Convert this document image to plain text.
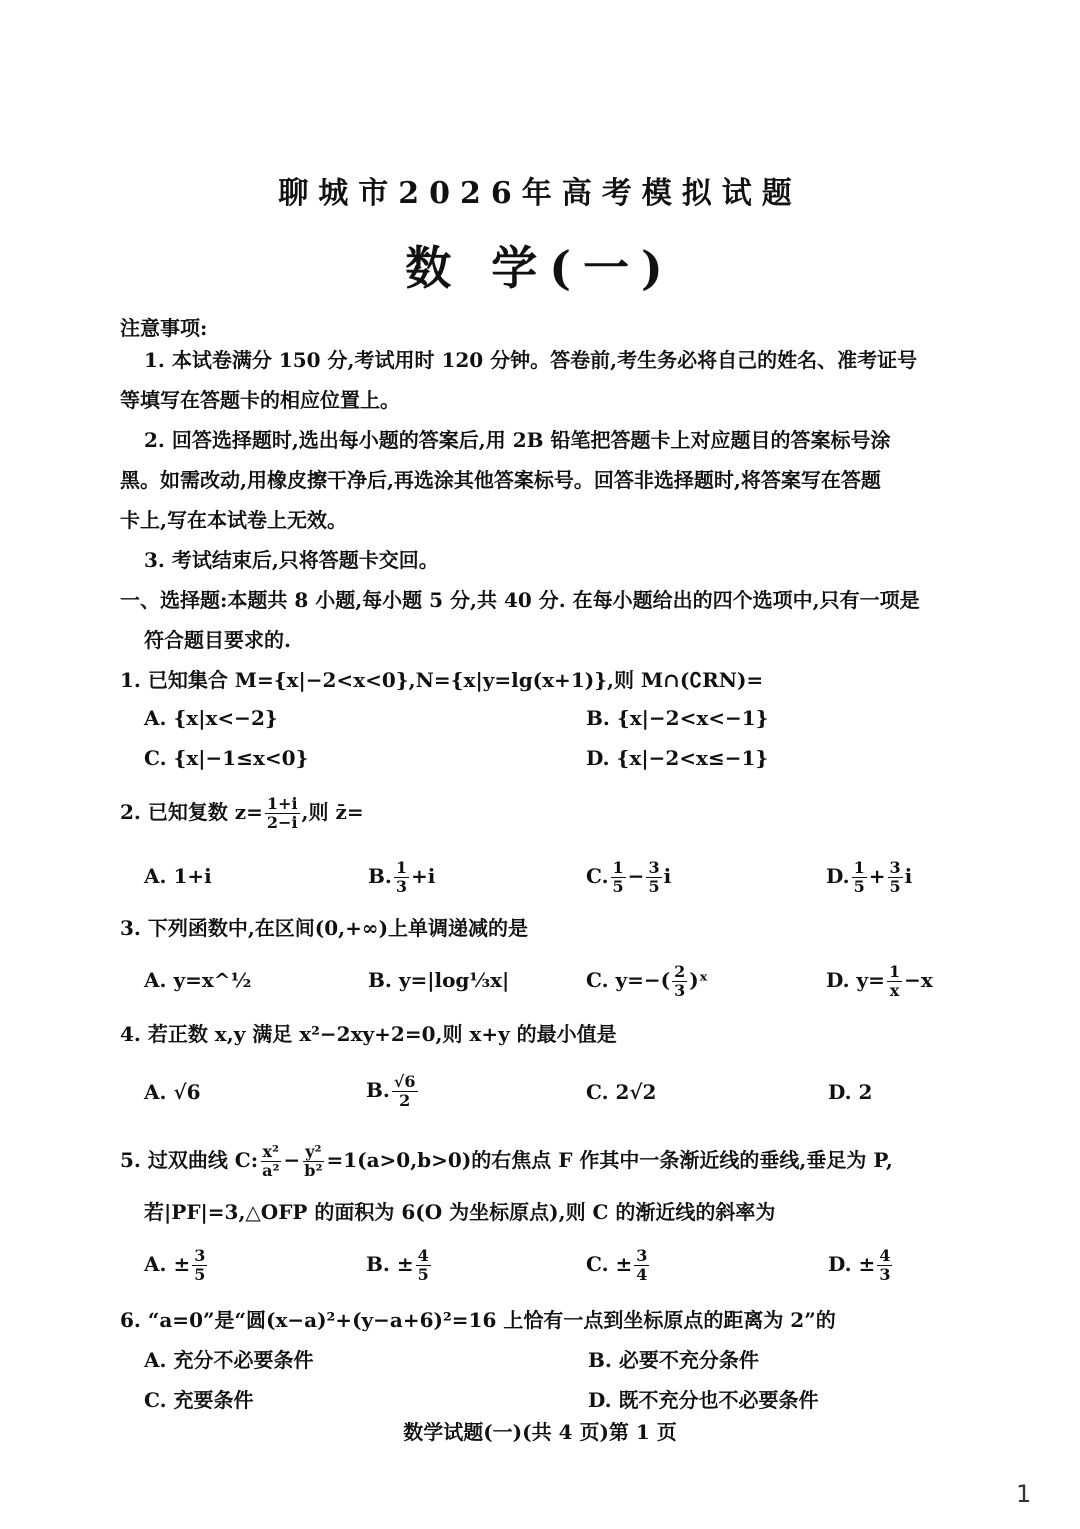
聊城市2026年高考模拟试题
数 学(一)
注意事项:
1. 本试卷满分 150 分,考试用时 120 分钟。答卷前,考生务必将自己的姓名、准考证号
等填写在答题卡的相应位置上。
2. 回答选择题时,选出每小题的答案后,用 2B 铅笔把答题卡上对应题目的答案标号涂
黑。如需改动,用橡皮擦干净后,再选涂其他答案标号。回答非选择题时,将答案写在答题
卡上,写在本试卷上无效。
3. 考试结束后,只将答题卡交回。
一、选择题:本题共 8 小题,每小题 5 分,共 40 分. 在每小题给出的四个选项中,只有一项是
符合题目要求的.
1. 已知集合 M={x|−2<x<0},N={x|y=lg(x+1)},则 M∩(∁RN)=
A. {x|x<−2}	B. {x|−2<x<−1}
C. {x|−1≤x<0}	D. {x|−2<x≤−1}
2. 已知复数 $z= \frac{1+i}{2-i}$ ,则 z̄=
A. 1+i	B. $\frac{1}{3} +i$	C. $\frac{1}{5} - \frac{3}{5}$ i	D. $\frac{1}{5} + \frac{3}{5}$ i
3. 下列函数中,在区间(0,+∞)上单调递减的是
A. y=x^½	B. y=|log⅓x|	C. $y=-( \frac{2}{3}$ )ˣ	D. $y= \frac{1}{x} -x$
4. 若正数 x,y 满足 x²−2xy+2=0,则 x+y 的最小值是
A. √6	B. $\frac{√6}{2}$	C. 2√2	D. 2
5. 过双曲线 C: $\frac{\text{x²}}{\text{a²}} - \frac{\text{y²}}{\text{b²}} =1(a>0,b>0)$的右焦点 F 作其中一条渐近线的垂线,垂足为 P,
若|PF|=3,△OFP 的面积为 6(O 为坐标原点),则 C 的渐近线的斜率为
A. ± $\frac{3}{5}$	B. ± $\frac{4}{5}$	C. ± $\frac{3}{4}$	D. ± $\frac{4}{3}$
6. “a=0”是“圆(x−a)²+(y−a+6)²=16 上恰有一点到坐标原点的距离为 2”的
A. 充分不必要条件	B. 必要不充分条件
C. 充要条件	D. 既不充分也不必要条件
数学试题(一)(共 4 页)第 1 页
1
